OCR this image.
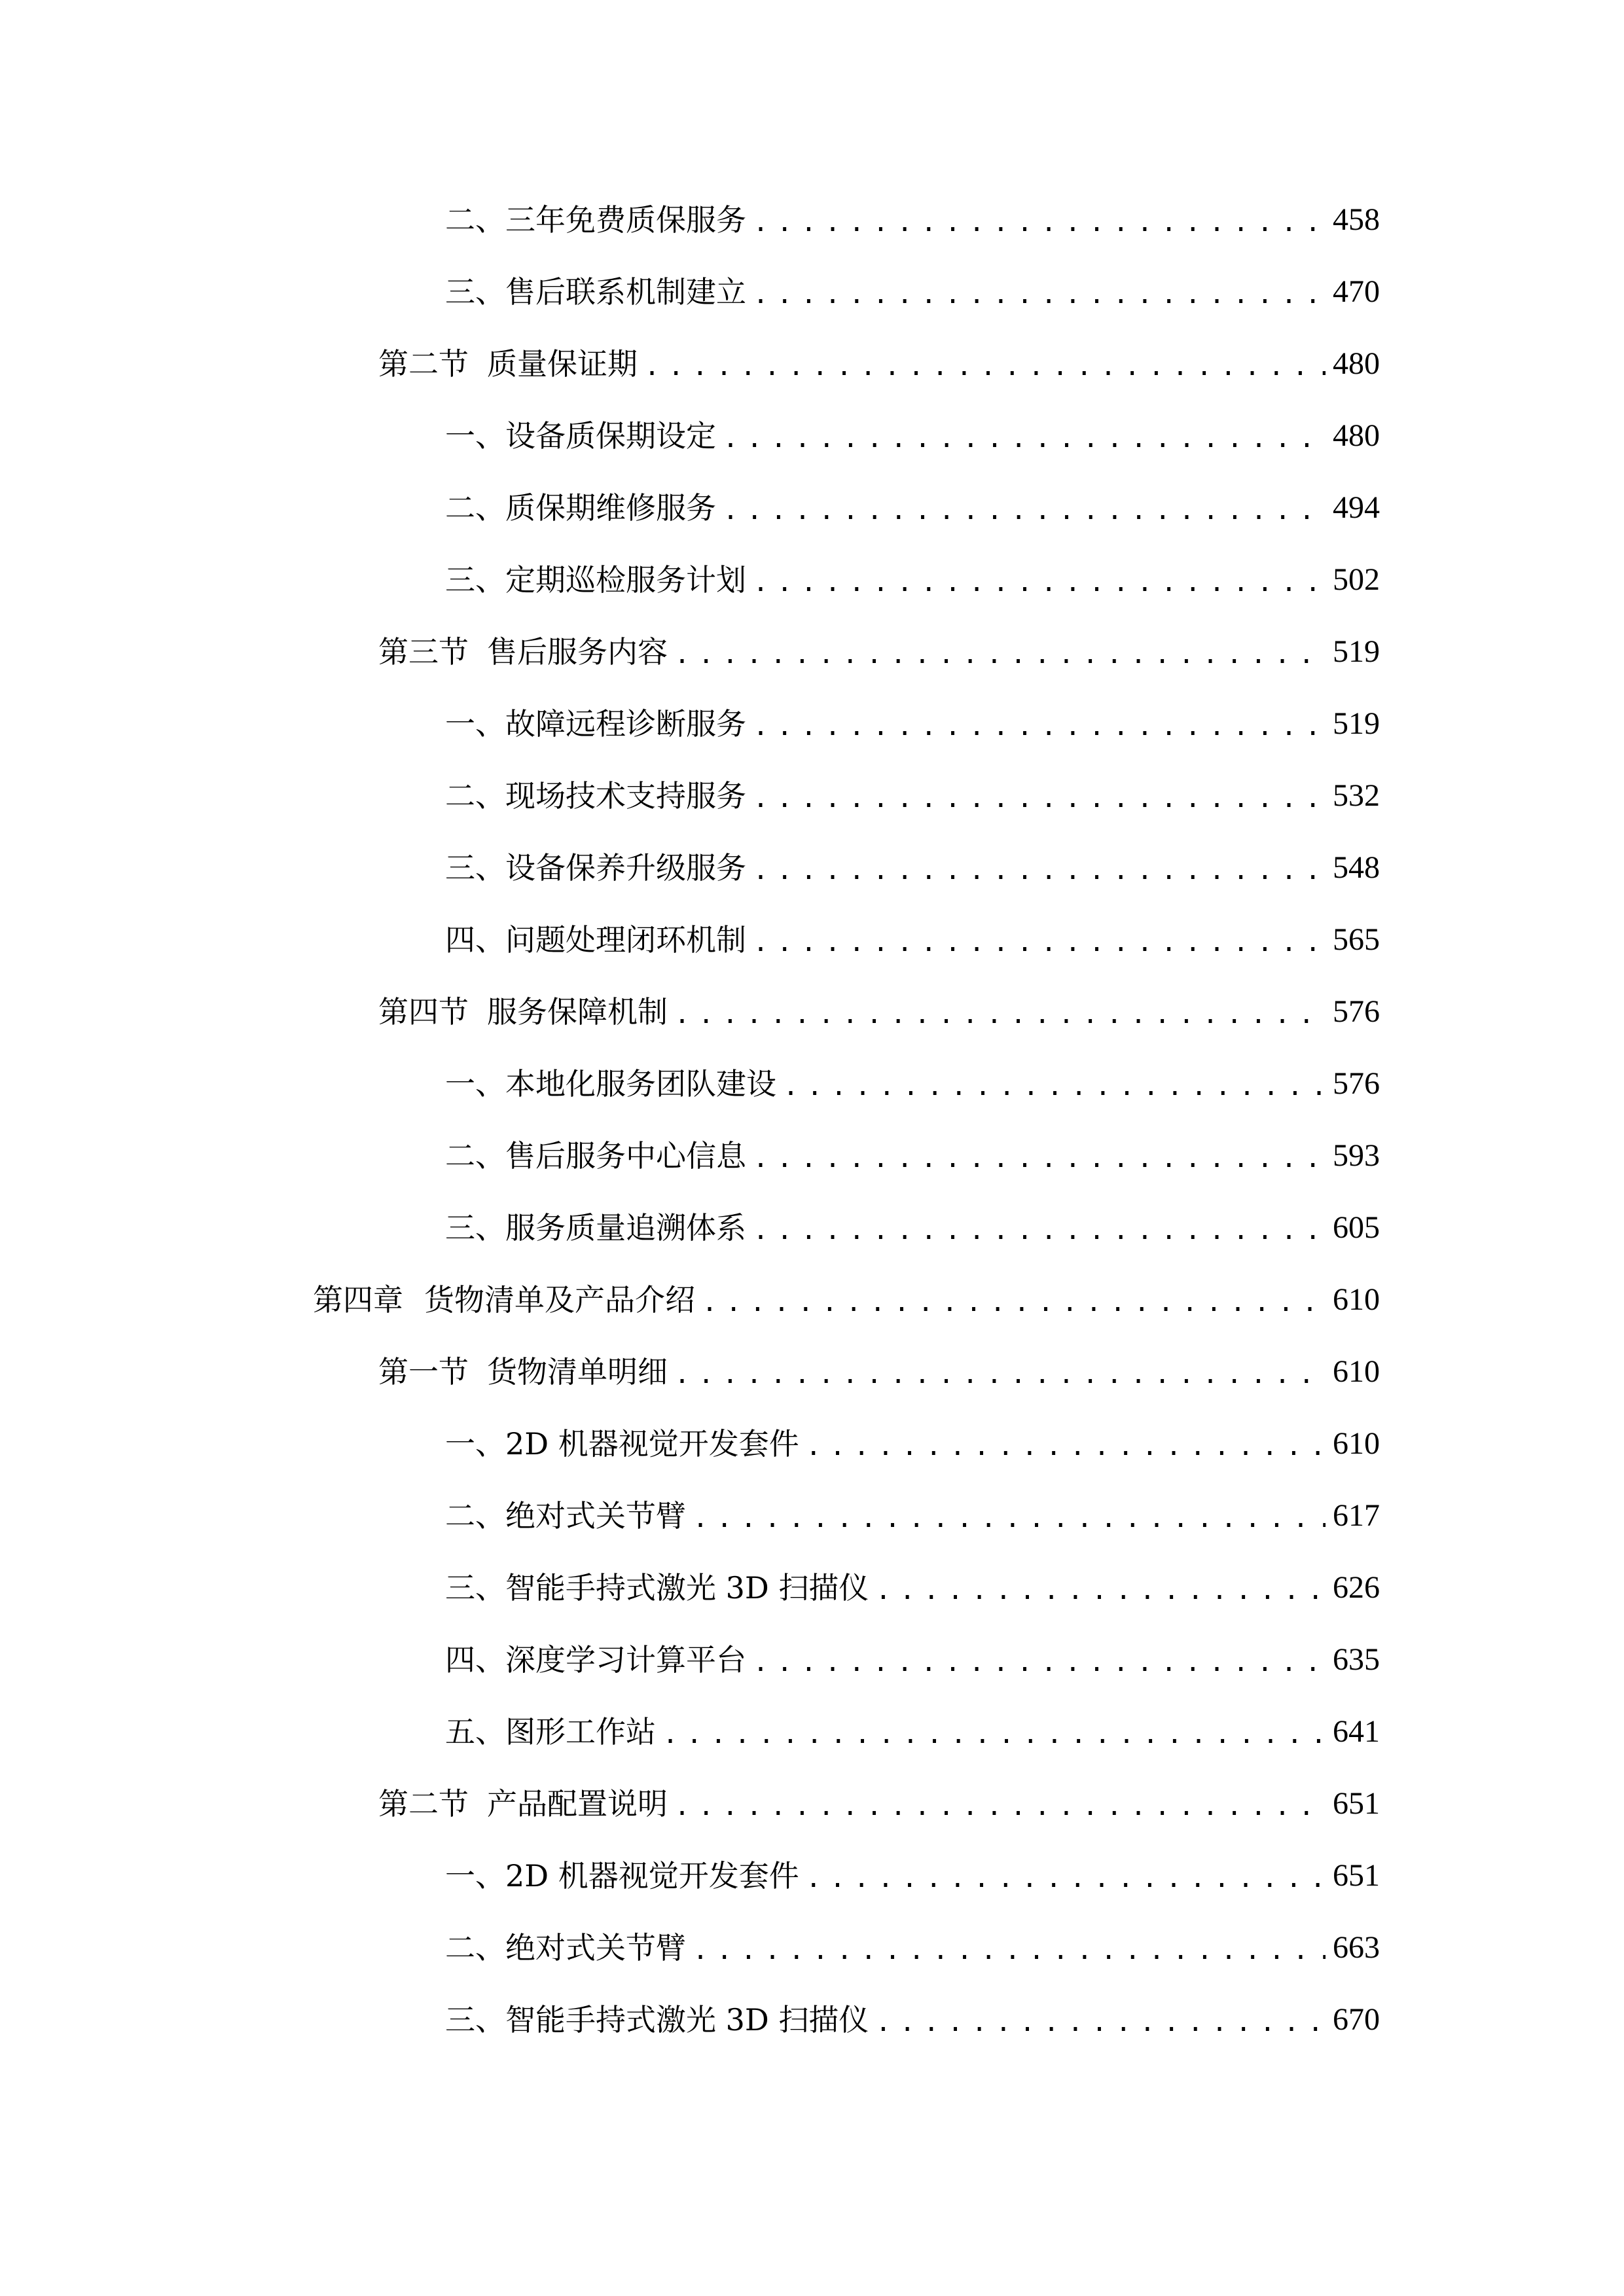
二、 三年免费质保服务 .....	458
三、 售后联系机制建立 .....	470
第二节 质量保证期 .....	480
一、 设备质保期设定 .....	480
二、 质保期维修服务 .....	494
三、 定期巡检服务计划 .....	502
第三节 售后服务内容 .....	519
一、 故障远程诊断服务 .....	519
二、 现场技术支持服务 .....	532
三、 设备保养升级服务 .....	548
四、 问题处理闭环机制 .....	565
第四节 服务保障机制 .....	576
一、 本地化服务团队建设 .....	576
二、 售后服务中心信息 .....	593
三、 服务质量追溯体系 .....	605
第四章 货物清单及产品介绍 .....	610
第一节 货物清单明细 .....	610
一、 2D 机器视觉开发套件 .....	610
二、 绝对式关节臂 .....	617
三、 智能手持式激光 3D 扫描仪 .....	626
四、 深度学习计算平台 .....	635
五、 图形工作站 .....	641
第二节 产品配置说明 .....	651
一、 2D 机器视觉开发套件 .....	651
二、 绝对式关节臂 .....	663
三、 智能手持式激光 3D 扫描仪 .....	670
